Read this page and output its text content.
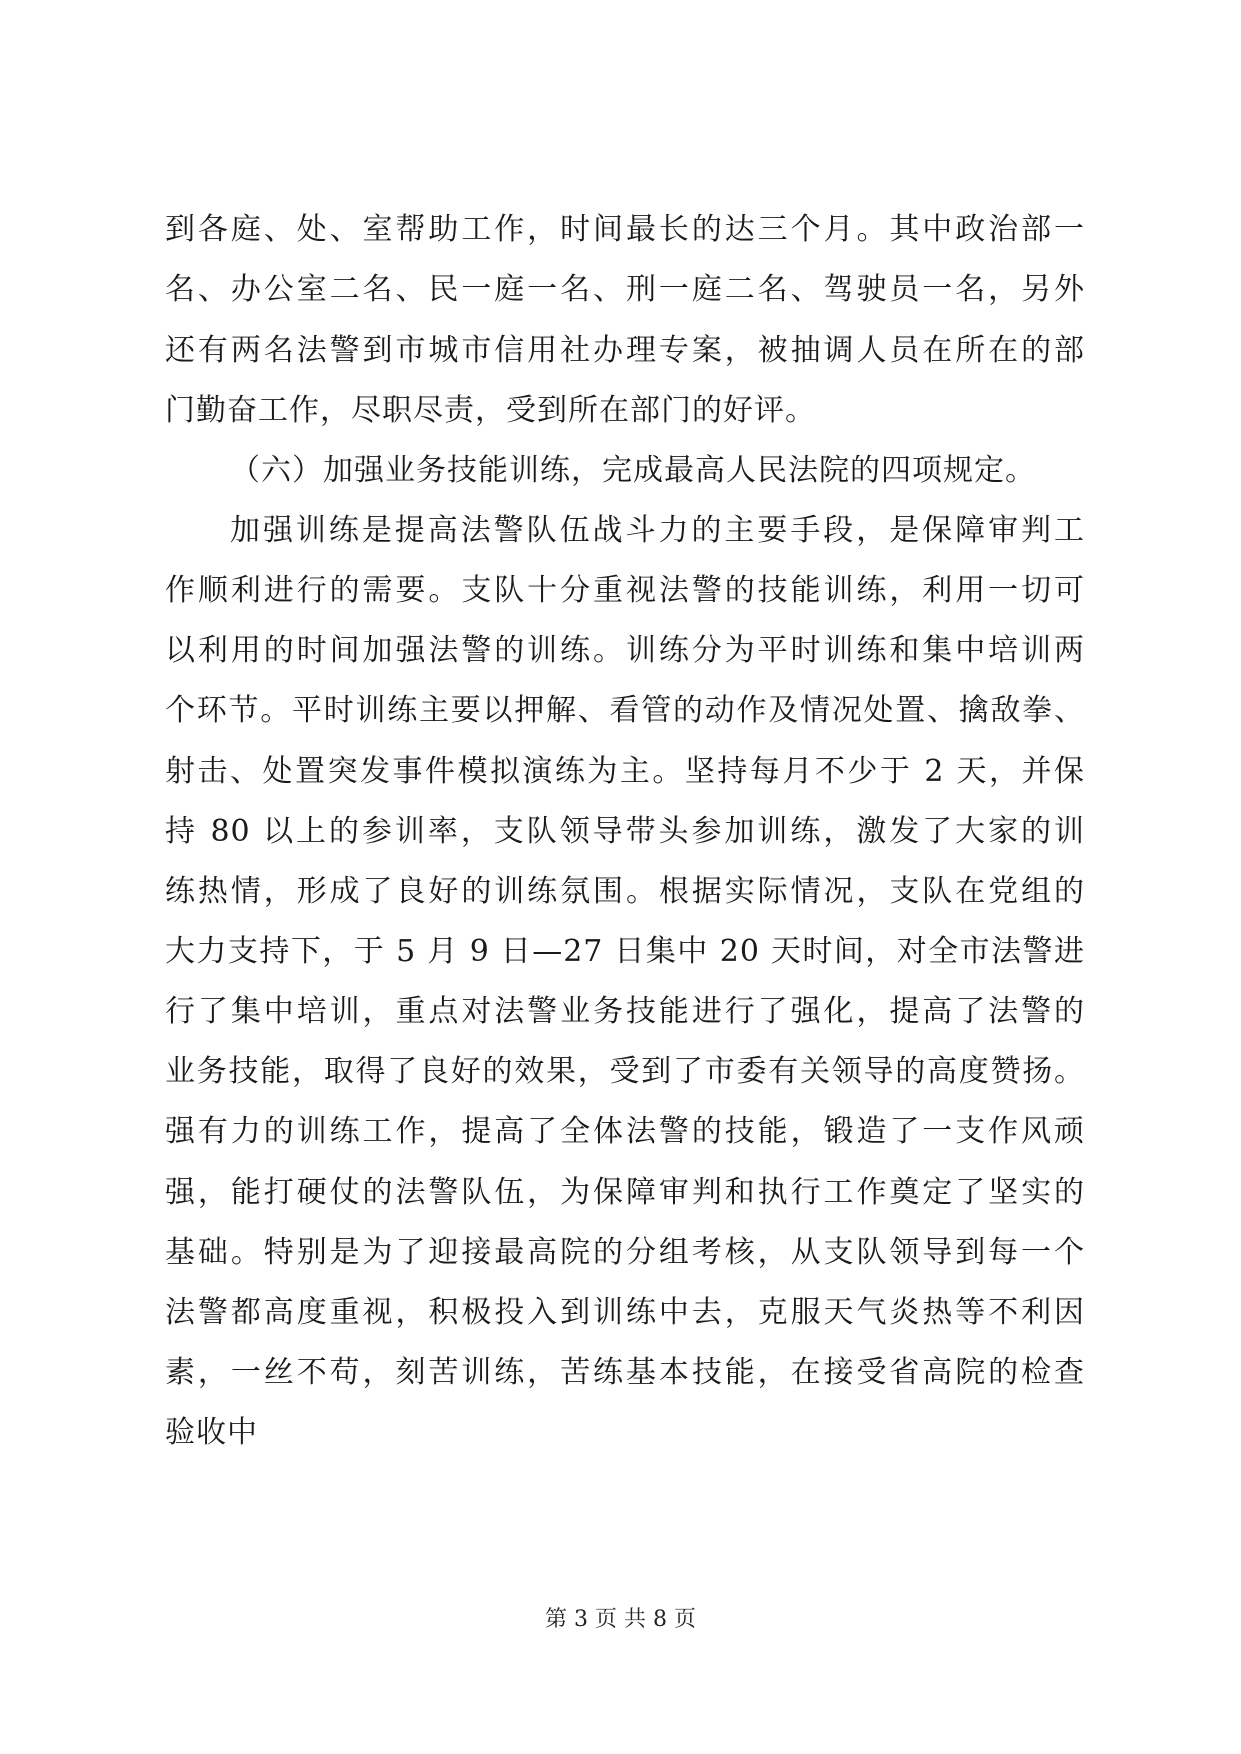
到各庭、处、室帮助工作，时间最长的达三个月。其中政治部一
名、办公室二名、民一庭一名、刑一庭二名、驾驶员一名，另外
还有两名法警到市城市信用社办理专案，被抽调人员在所在的部
门勤奋工作，尽职尽责，受到所在部门的好评。
（六）加强业务技能训练，完成最高人民法院的四项规定。
加强训练是提高法警队伍战斗力的主要手段，是保障审判工
作顺利进行的需要。支队十分重视法警的技能训练，利用一切可
以利用的时间加强法警的训练。训练分为平时训练和集中培训两
个环节。平时训练主要以押解、看管的动作及情况处置、擒敌拳、
射击、处置突发事件模拟演练为主。坚持每月不少于 2 天，并保
持 80 以上的参训率，支队领导带头参加训练，激发了大家的训
练热情，形成了良好的训练氛围。根据实际情况，支队在党组的
大力支持下，于 5 月 9 日—27 日集中 20 天时间，对全市法警进
行了集中培训，重点对法警业务技能进行了强化，提高了法警的
业务技能，取得了良好的效果，受到了市委有关领导的高度赞扬。
强有力的训练工作，提高了全体法警的技能，锻造了一支作风顽
强，能打硬仗的法警队伍，为保障审判和执行工作奠定了坚实的
基础。特别是为了迎接最高院的分组考核，从支队领导到每一个
法警都高度重视，积极投入到训练中去，克服天气炎热等不利因
素，一丝不苟，刻苦训练，苦练基本技能，在接受省高院的检查
验收中
第 3 页 共 8 页
